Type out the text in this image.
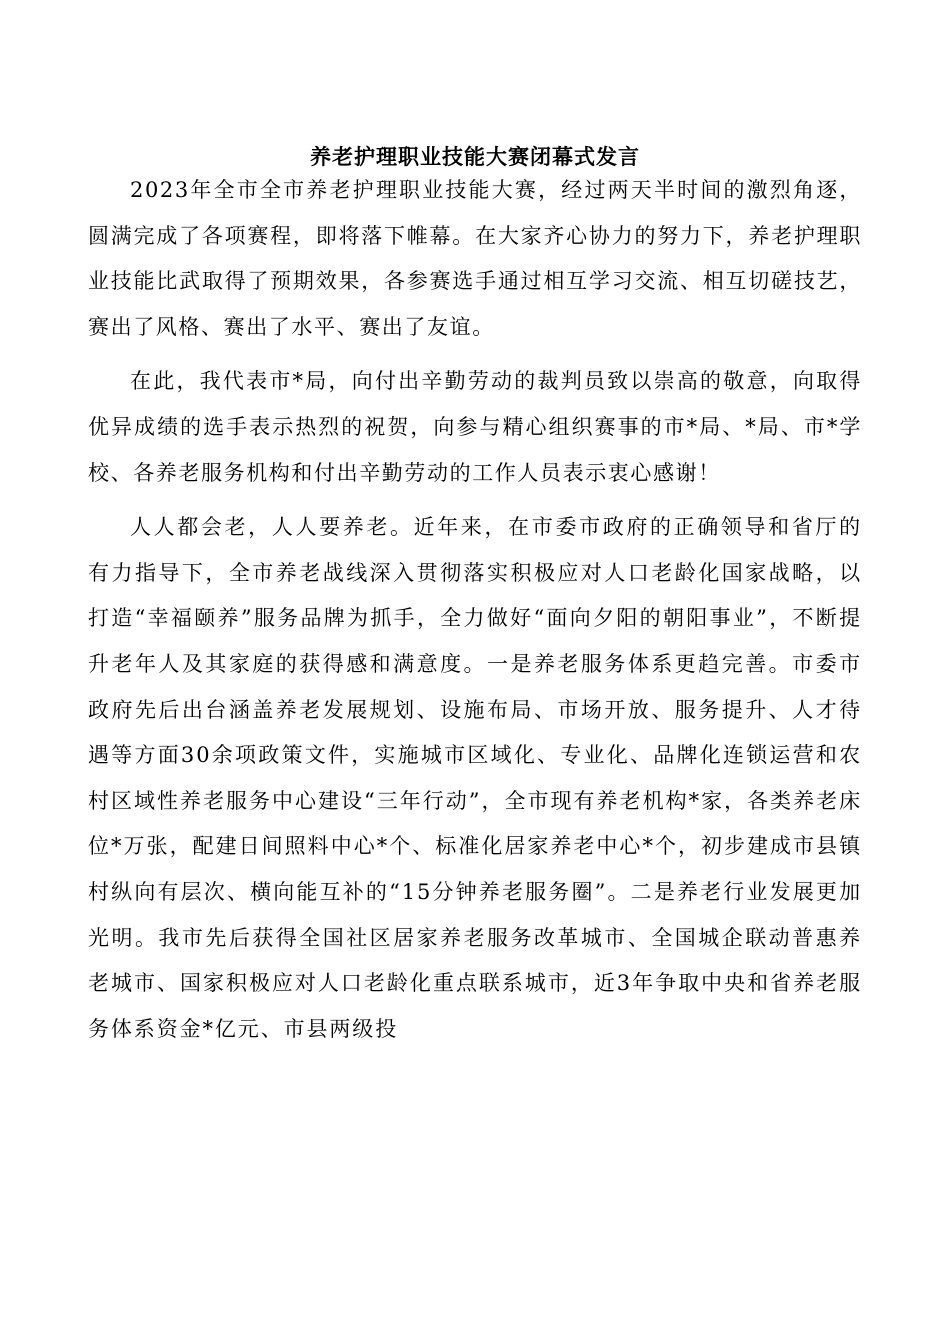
养老护理职业技能大赛闭幕式发言

2023年全市全市养老护理职业技能大赛，经过两天半时间的激烈角逐，圆满完成了各项赛程，即将落下帷幕。在大家齐心协力的努力下，养老护理职业技能比武取得了预期效果，各参赛选手通过相互学习交流、相互切磋技艺，赛出了风格、赛出了水平、赛出了友谊。

在此，我代表市*局，向付出辛勤劳动的裁判员致以崇高的敬意，向取得优异成绩的选手表示热烈的祝贺，向参与精心组织赛事的市*局、*局、市*学校、各养老服务机构和付出辛勤劳动的工作人员表示衷心感谢！

人人都会老，人人要养老。近年来，在市委市政府的正确领导和省厅的有力指导下，全市养老战线深入贯彻落实积极应对人口老龄化国家战略，以打造“幸福颐养”服务品牌为抓手，全力做好“面向夕阳的朝阳事业”，不断提升老年人及其家庭的获得感和满意度。一是养老服务体系更趋完善。市委市政府先后出台涵盖养老发展规划、设施布局、市场开放、服务提升、人才待遇等方面30余项政策文件，实施城市区域化、专业化、品牌化连锁运营和农村区域性养老服务中心建设“三年行动”，全市现有养老机构*家，各类养老床位*万张，配建日间照料中心*个、标准化居家养老中心*个，初步建成市县镇村纵向有层次、横向能互补的“15分钟养老服务圈”。二是养老行业发展更加光明。我市先后获得全国社区居家养老服务改革城市、全国城企联动普惠养老城市、国家积极应对人口老龄化重点联系城市，近3年争取中央和省养老服务体系资金*亿元、市县两级投
